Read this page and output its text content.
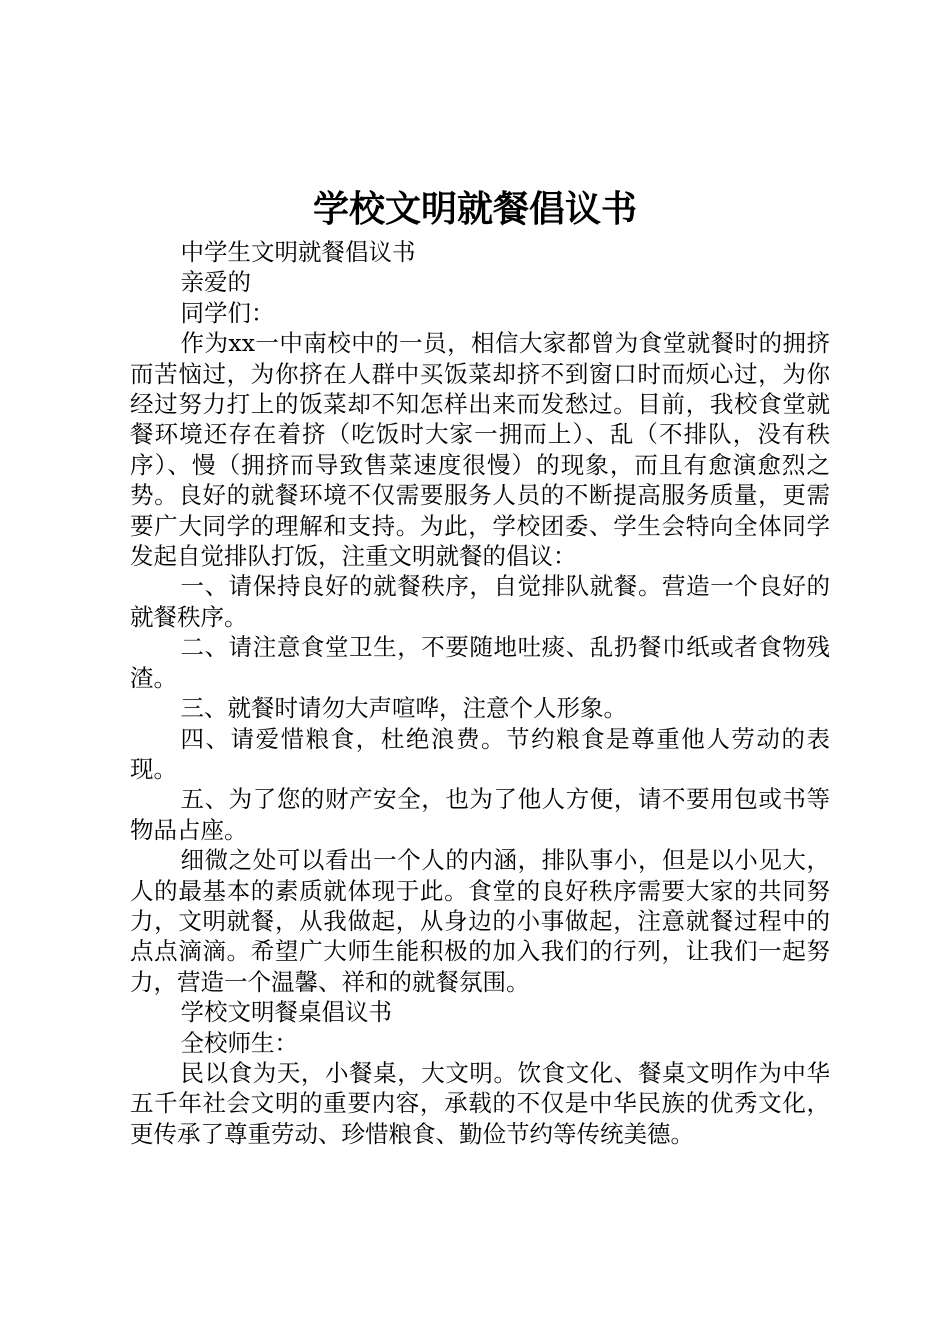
学校文明就餐倡议书

中学生文明就餐倡议书

亲爱的

同学们：

作为xx一中南校中的一员，相信大家都曾为食堂就餐时的拥挤而苦恼过，为你挤在人群中买饭菜却挤不到窗口时而烦心过，为你经过努力打上的饭菜却不知怎样出来而发愁过。目前，我校食堂就餐环境还存在着挤（吃饭时大家一拥而上）、乱（不排队，没有秩序）、慢（拥挤而导致售菜速度很慢）的现象，而且有愈演愈烈之势。良好的就餐环境不仅需要服务人员的不断提高服务质量，更需要广大同学的理解和支持。为此，学校团委、学生会特向全体同学发起自觉排队打饭，注重文明就餐的倡议：

一、请保持良好的就餐秩序，自觉排队就餐。营造一个良好的就餐秩序。

二、请注意食堂卫生，不要随地吐痰、乱扔餐巾纸或者食物残渣。

三、就餐时请勿大声喧哗，注意个人形象。

四、请爱惜粮食，杜绝浪费。节约粮食是尊重他人劳动的表现。

五、为了您的财产安全，也为了他人方便，请不要用包或书等物品占座。

细微之处可以看出一个人的内涵，排队事小，但是以小见大，人的最基本的素质就体现于此。食堂的良好秩序需要大家的共同努力，文明就餐，从我做起，从身边的小事做起，注意就餐过程中的点点滴滴。希望广大师生能积极的加入我们的行列，让我们一起努力，营造一个温馨、祥和的就餐氛围。

学校文明餐桌倡议书

全校师生：

民以食为天，小餐桌，大文明。饮食文化、餐桌文明作为中华五千年社会文明的重要内容，承载的不仅是中华民族的优秀文化，更传承了尊重劳动、珍惜粮食、勤俭节约等传统美德。
